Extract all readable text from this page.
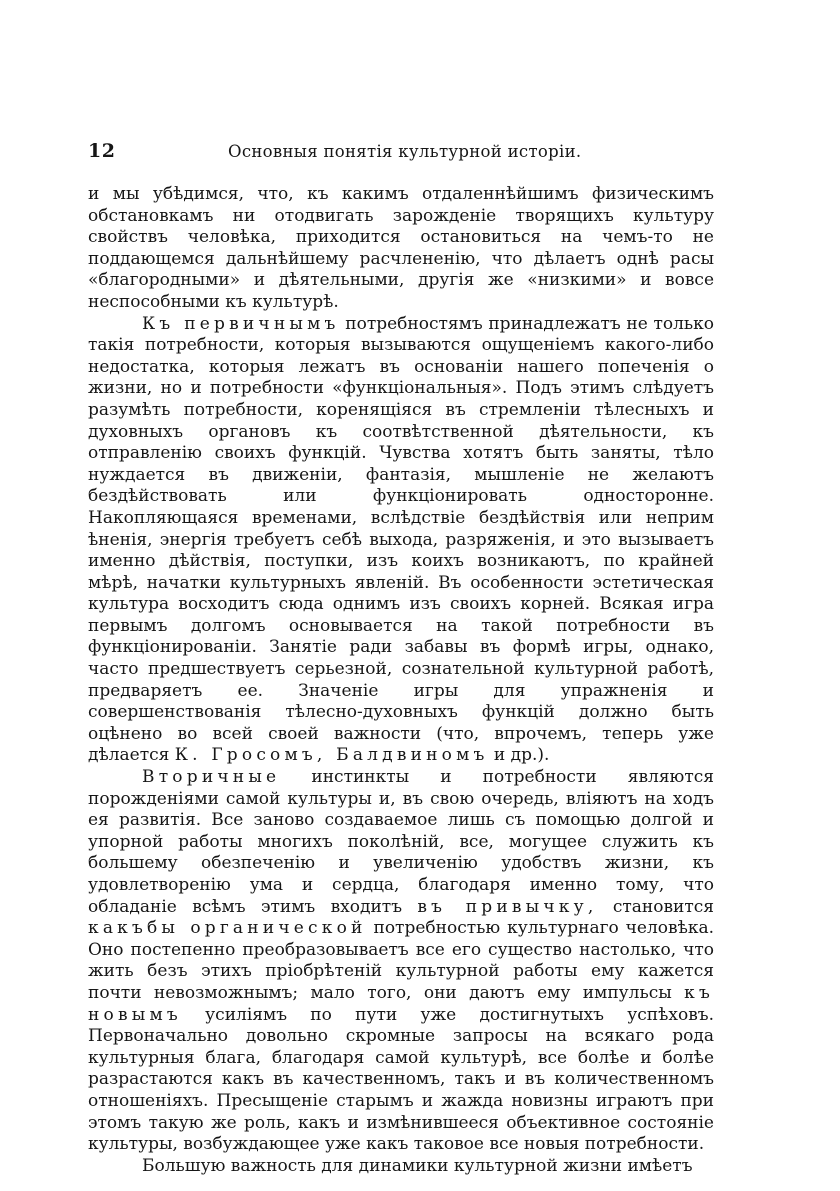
12	Основныя понятія культурной исторіи.

и мы убѣдимся, что, къ какимъ отдаленнѣйшимъ физическимъ обстановкамъ ни отодвигать зарожденіе творящихъ культуру свойствъ человѣка, приходится остановиться на чемъ-то не поддающемся дальнѣйшему расчлененію, что дѣлаетъ однѣ расы «благородными» и дѣятельными, другія же «низкими» и вовсе неспособными къ культурѣ.

Къ первичнымъ потребностямъ принадлежатъ не только такія потребности, которыя вызываются ощущеніемъ какого-либо недостатка, которыя лежатъ въ основаніи нашего попеченія о жизни, но и потребности «функціональныя». Подъ этимъ слѣдуетъ разумѣть потребности, коренящіяся въ стремленіи тѣлесныхъ и духовныхъ органовъ къ соотвѣтственной дѣятельности, къ отправленію своихъ функцій. Чувства хотятъ быть заняты, тѣло нуждается въ движеніи, фантазія, мышленіе не желаютъ бездѣйствовать или функціонировать односторонне. Накопляющаяся временами, вслѣдствіе бездѣйствія или неприм ѣненія, энергія требуетъ себѣ выхода, разряженія, и это вызываетъ именно дѣйствія, поступки, изъ коихъ возникаютъ, по крайней мѣрѣ, начатки культурныхъ явленій. Въ особенности эстетическая культура восходитъ сюда однимъ изъ своихъ корней. Всякая игра первымъ долгомъ основывается на такой потребности въ функціонированіи. Занятіе ради забавы въ формѣ игры, однако, часто предшествуетъ серьезной, сознательной культурной работѣ, предваряетъ ее. Значеніе игры для упражненія и совершенствованія тѣлесно-духовныхъ функцій должно быть оцѣнено во всей своей важности (что, впрочемъ, теперь уже дѣлается К. Гросомъ, Балдвиномъ и др.).

Вторичные инстинкты и потребности являются порожденіями самой культуры и, въ свою очередь, вліяютъ на ходъ ея развитія. Все заново создаваемое лишь съ помощью долгой и упорной работы многихъ поколѣній, все, могущее служить къ большему обезпеченію и увеличенію удобствъ жизни, къ удовлетворенію ума и сердца, благодаря именно тому, что обладаніе всѣмъ этимъ входитъ въ привычку, становится какъбы органической потребностью культурнаго человѣка. Оно постепенно преобразовываетъ все его существо настолько, что жить безъ этихъ пріобрѣтеній культурной работы ему кажется почти невозможнымъ; мало того, они даютъ ему импульсы къ новымъ усиліямъ по пути уже достигнутыхъ успѣховъ. Первоначально довольно скромные запросы на всякаго рода культурныя блага, благодаря самой культурѣ, все болѣе и болѣе разрастаются какъ въ качественномъ, такъ и въ количественномъ отношеніяхъ. Пресыщеніе старымъ и жажда новизны играютъ при этомъ такую же роль, какъ и измѣнившееся объективное состояніе культуры, возбуждающее уже какъ таковое все новыя потребности.

Большую важность для динамики культурной жизни имѣетъ
